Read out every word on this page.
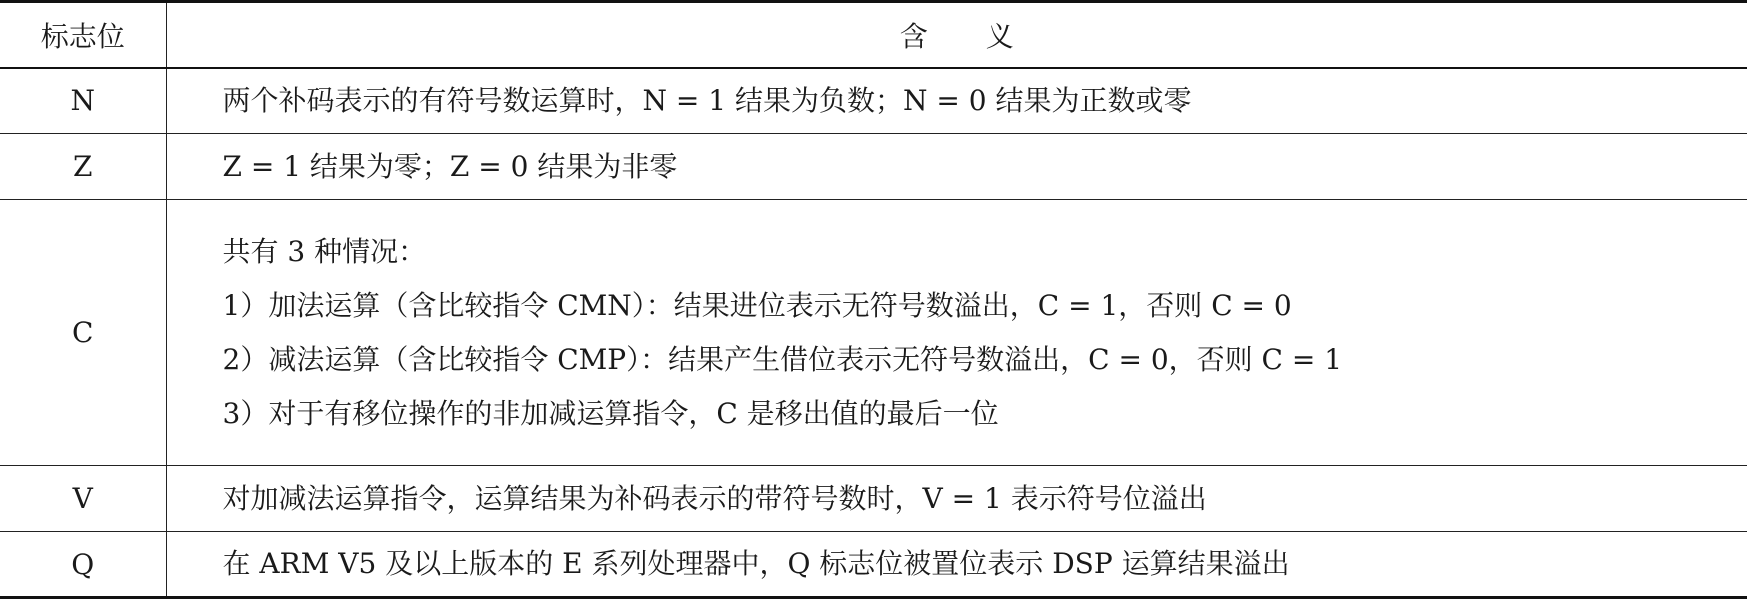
标志位	含义
N	两个补码表示的有符号数运算时，N = 1 结果为负数；N = 0 结果为正数或零

Z	Z = 1 结果为零；Z = 0 结果为非零

C	共有 3 种情况：
1）加法运算（含比较指令 CMN）：结果进位表示无符号数溢出，C = 1，否则 C = 0
2）减法运算（含比较指令 CMP）：结果产生借位表示无符号数溢出，C = 0，否则 C = 1
3）对于有移位操作的非加减运算指令，C 是移出值的最后一位

V	对加减法运算指令，运算结果为补码表示的带符号数时，V = 1 表示符号位溢出

Q	在 ARM V5 及以上版本的 E 系列处理器中，Q 标志位被置位表示 DSP 运算结果溢出
